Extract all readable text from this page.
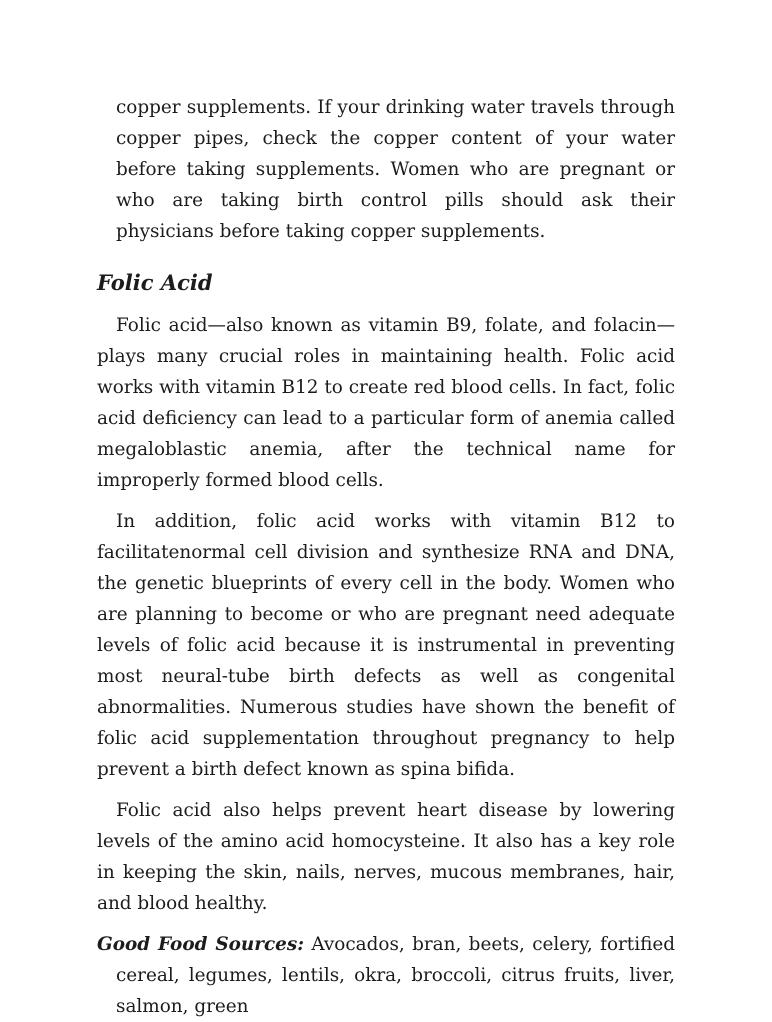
copper supplements. If your drinking water travels through copper pipes, check the copper content of your water before taking supplements. Women who are pregnant or who are taking birth control pills should ask their physicians before taking copper supplements.

Folic Acid

Folic acid—also known as vitamin B9, folate, and folacin—plays many crucial roles in maintaining health. Folic acid works with vitamin B12 to create red blood cells. In fact, folic acid deficiency can lead to a particular form of anemia called megaloblastic anemia, after the technical name for improperly formed blood cells.

In addition, folic acid works with vitamin B12 to facilitatenormal cell division and synthesize RNA and DNA, the genetic blueprints of every cell in the body. Women who are planning to become or who are pregnant need adequate levels of folic acid because it is instrumental in preventing most neural-tube birth defects as well as congenital abnormalities. Numerous studies have shown the benefit of folic acid supplementation throughout pregnancy to help prevent a birth defect known as spina bifida.

Folic acid also helps prevent heart disease by lowering levels of the amino acid homocysteine. It also has a key role in keeping the skin, nails, nerves, mucous membranes, hair, and blood healthy.

Good Food Sources: Avocados, bran, beets, celery, fortified cereal, legumes, lentils, okra, broccoli, citrus fruits, liver, salmon, green
